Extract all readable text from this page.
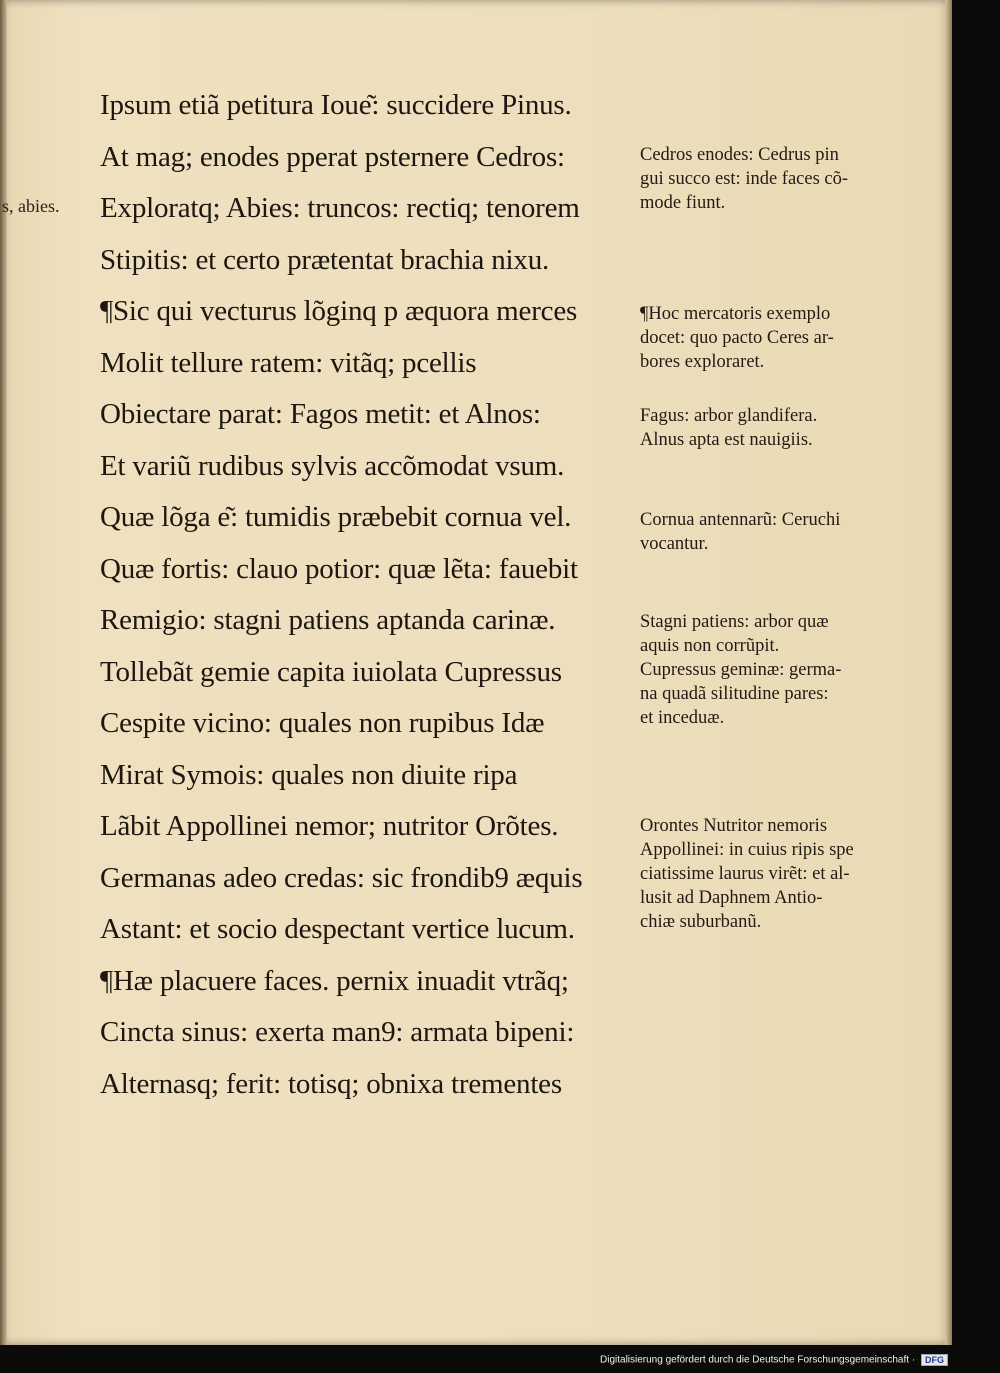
s, abies.
Ipsum etiã petitura Ioue͂: succidere Pinus.
At mag; enodes pperat psternere Cedros:
Exploratq; Abies: truncos: rectiq; tenorem
Stipitis: et certo prætentat brachia nixu.
¶Sic qui vecturus lõginq p æquora merces
Molit tellure ratem: vitãq; pcellis
Obiectare parat: Fagos metit: et Alnos:
Et variũ rudibus sylvis accõmodat vsum.
Quæ lõga e͂: tumidis præbebit cornua vel.
Quæ fortis: clauo potior: quæ lẽta: fauebit
Remigio: stagni patiens aptanda carinæ.
Tollebãt gemie capita iuiolata Cupressus
Cespite vicino: quales non rupibus Idæ
Mirat Symois: quales non diuite ripa
Lãbit Appollinei nemor; nutritor Orõtes.
Germanas adeo credas: sic frondib9 æquis
Astant: et socio despectant vertice lucum.
¶Hæ placuere faces. pernix inuadit vtrãq;
Cincta sinus: exerta man9: armata bipeni:
Alternasq; ferit: totisq; obnixa trementes

Cedros enodes: Cedrus pin

gui succo est: inde faces cõ-

mode fiunt.

¶Hoc mercatoris exemplo

docet: quo pacto Ceres ar-

bores exploraret.

Fagus: arbor glandifera.

Alnus apta est nauigiis.

Cornua antennarũ: Ceruchi

vocantur.

Stagni patiens: arbor quæ

aquis non corrũpit.

Cupressus geminæ: germa-

na quadã silitudine pares:

et inceduæ.

Orontes Nutritor nemoris

Appollinei: in cuius ripis spe

ciatissime laurus virẽt: et al-

lusit ad Daphnem Antio-

chiæ suburbanũ.

Digitalisierung gefördert durch die Deutsche Forschungsgemeinschaft · DFG
